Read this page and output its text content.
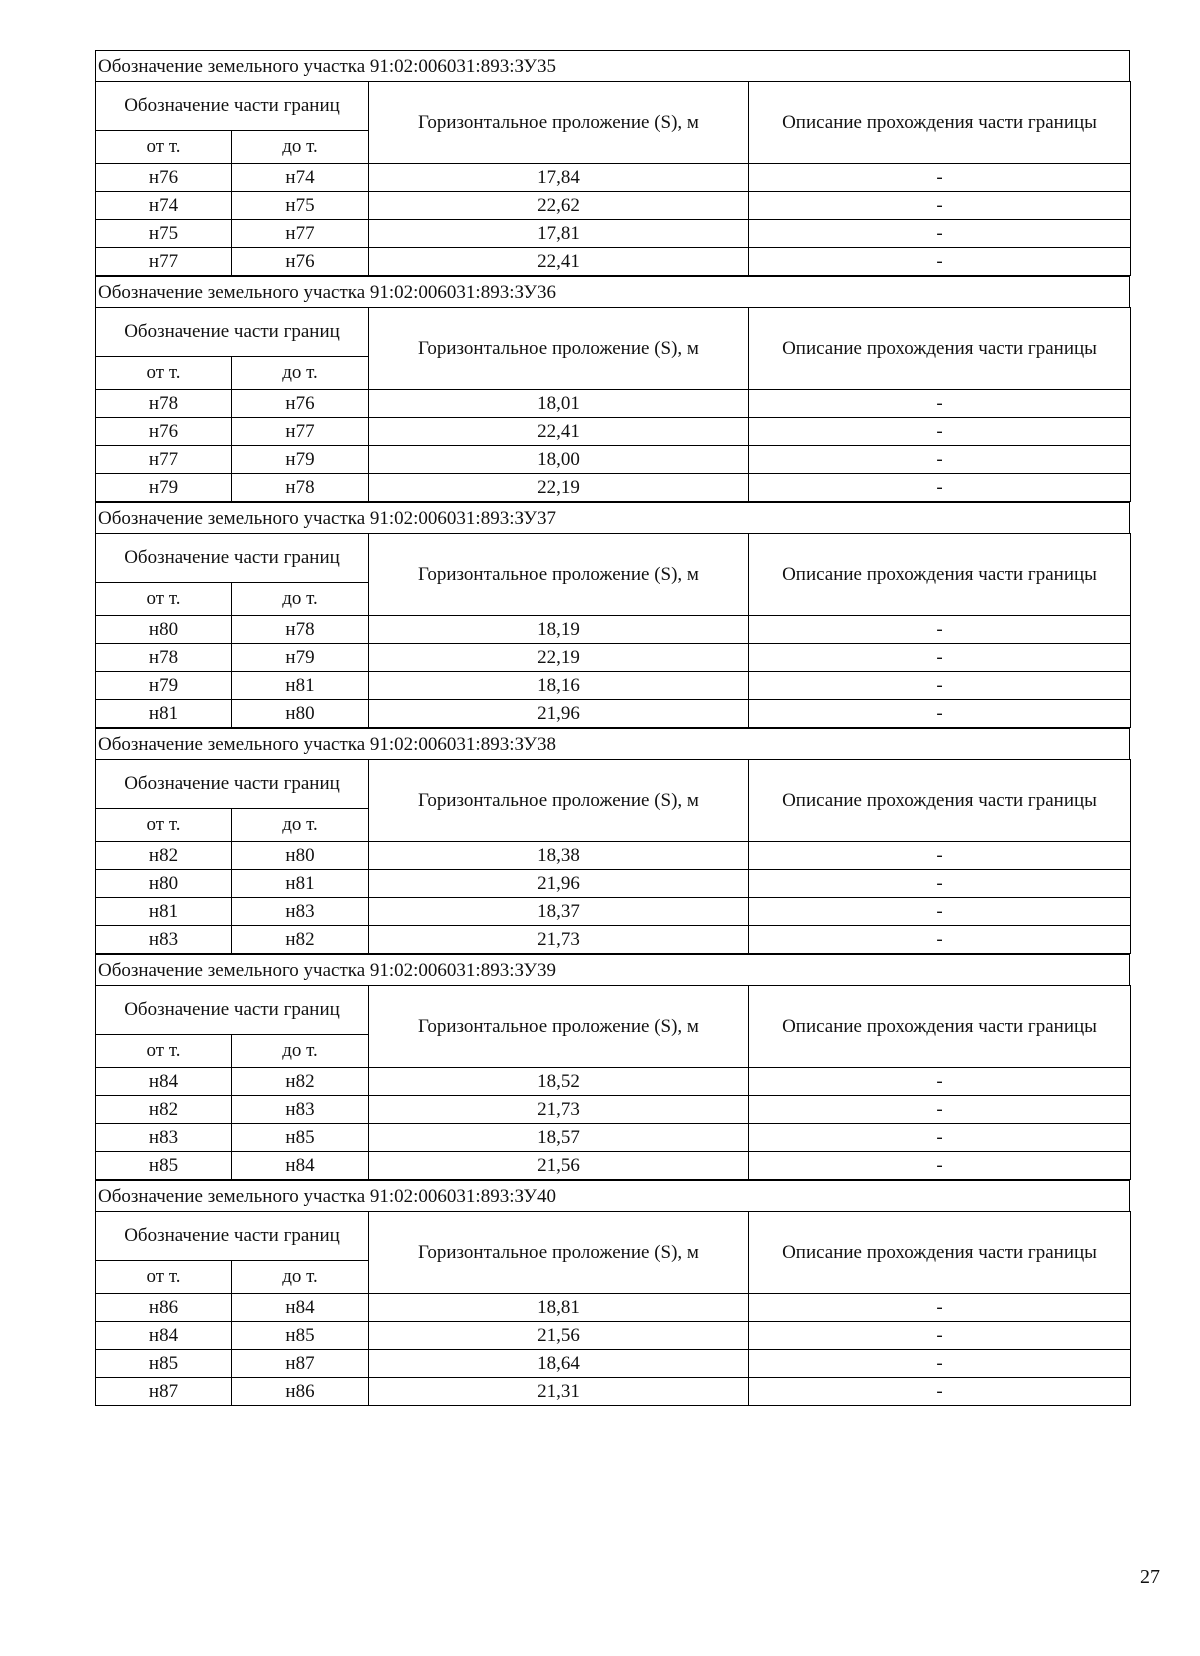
Обозначение земельного участка 91:02:006031:893:ЗУ35
Обозначение части границ		Горизонтальное проложение (S), м	Описание прохождения части границы
от т.	до т.		
н76	н74	17,84	-
н74	н75	22,62	-
н75	н77	17,81	-
н77	н76	22,41	-
Обозначение земельного участка 91:02:006031:893:ЗУ36
Обозначение части границ		Горизонтальное проложение (S), м	Описание прохождения части границы
от т.	до т.		
н78	н76	18,01	-
н76	н77	22,41	-
н77	н79	18,00	-
н79	н78	22,19	-
Обозначение земельного участка 91:02:006031:893:ЗУ37
Обозначение части границ		Горизонтальное проложение (S), м	Описание прохождения части границы
от т.	до т.		
н80	н78	18,19	-
н78	н79	22,19	-
н79	н81	18,16	-
н81	н80	21,96	-
Обозначение земельного участка 91:02:006031:893:ЗУ38
Обозначение части границ		Горизонтальное проложение (S), м	Описание прохождения части границы
от т.	до т.		
н82	н80	18,38	-
н80	н81	21,96	-
н81	н83	18,37	-
н83	н82	21,73	-
Обозначение земельного участка 91:02:006031:893:ЗУ39
Обозначение части границ		Горизонтальное проложение (S), м	Описание прохождения части границы
от т.	до т.		
н84	н82	18,52	-
н82	н83	21,73	-
н83	н85	18,57	-
н85	н84	21,56	-
Обозначение земельного участка 91:02:006031:893:ЗУ40
Обозначение части границ		Горизонтальное проложение (S), м	Описание прохождения части границы
от т.	до т.		
н86	н84	18,81	-
н84	н85	21,56	-
н85	н87	18,64	-
н87	н86	21,31	-
27
